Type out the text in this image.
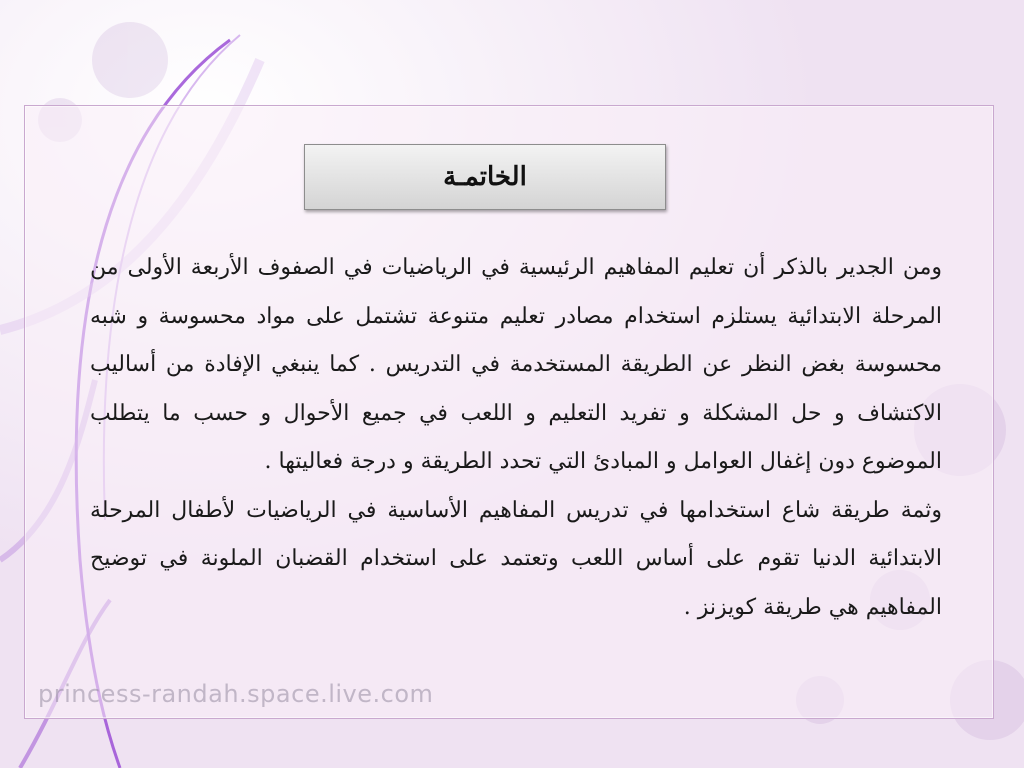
الخاتمـة

ومن الجدير بالذكر أن تعليم المفاهيم الرئيسية في الرياضيات في الصفوف الأربعة الأولى من المرحلة الابتدائية يستلزم استخدام مصادر تعليم متنوعة تشتمل على مواد محسوسة و شبه محسوسة بغض النظر عن الطريقة المستخدمة في التدريس . كما ينبغي الإفادة من أساليب الاكتشاف و حل المشكلة و تفريد التعليم و اللعب في جميع الأحوال و حسب ما يتطلب الموضوع دون إغفال العوامل و المبادئ التي تحدد الطريقة و درجة فعاليتها .

وثمة طريقة شاع استخدامها في تدريس المفاهيم الأساسية في الرياضيات لأطفال المرحلة الابتدائية الدنيا تقوم على أساس اللعب وتعتمد على استخدام القضبان الملونة في توضيح المفاهيم هي طريقة كويزنز .

princess-randah.space.live.com
